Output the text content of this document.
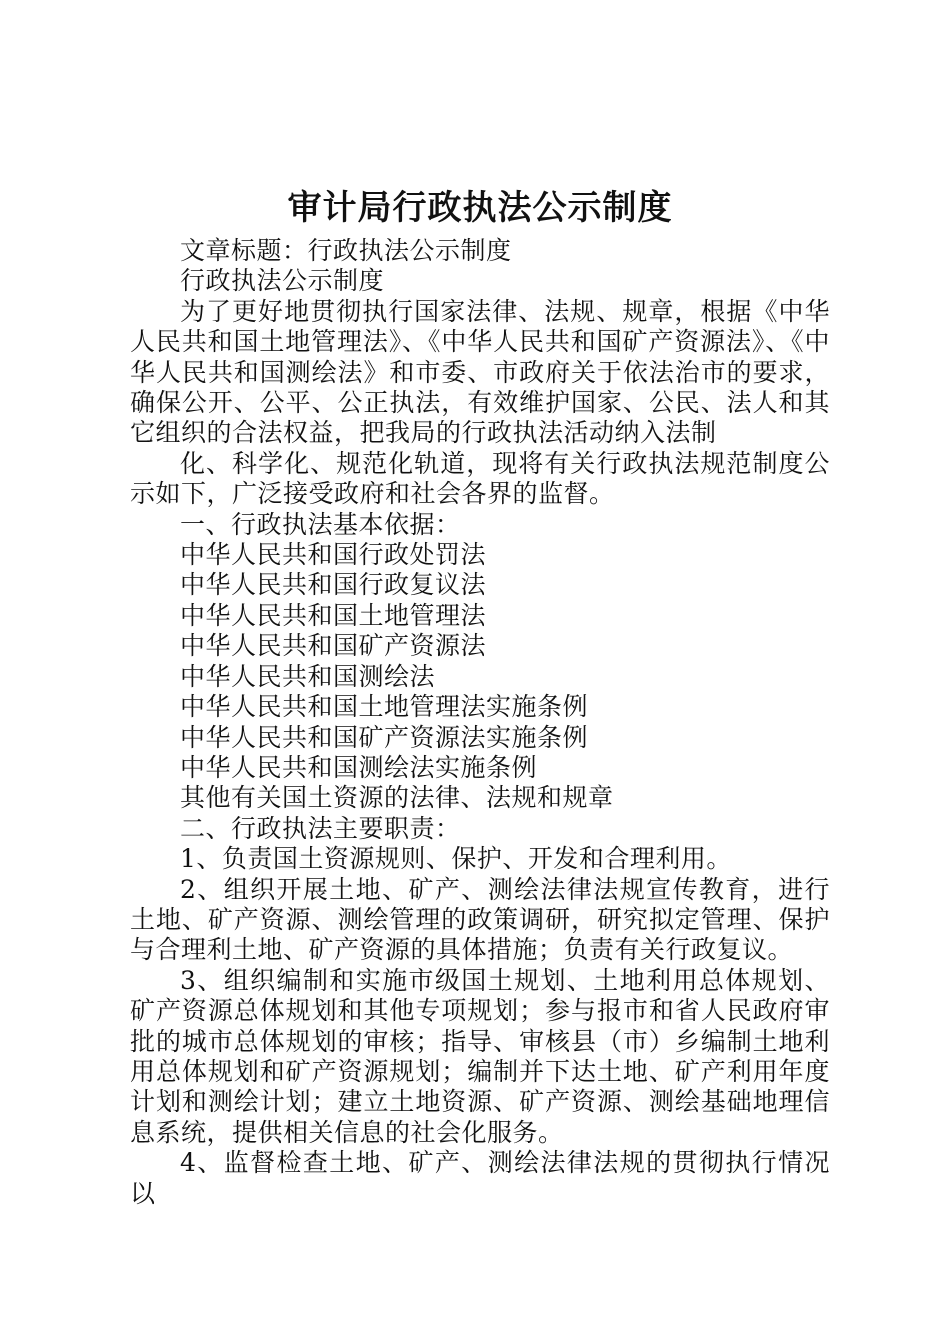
审计局行政执法公示制度

文章标题：行政执法公示制度

行政执法公示制度

为了更好地贯彻执行国家法律、法规、规章，根据《中华人民共和国土地管理法》、《中华人民共和国矿产资源法》、《中华人民共和国测绘法》和市委、市政府关于依法治市的要求，确保公开、公平、公正执法，有效维护国家、公民、法人和其它组织的合法权益，把我局的行政执法活动纳入法制

化、科学化、规范化轨道，现将有关行政执法规范制度公示如下，广泛接受政府和社会各界的监督。

一、行政执法基本依据：

中华人民共和国行政处罚法

中华人民共和国行政复议法

中华人民共和国土地管理法

中华人民共和国矿产资源法

中华人民共和国测绘法

中华人民共和国土地管理法实施条例

中华人民共和国矿产资源法实施条例

中华人民共和国测绘法实施条例

其他有关国土资源的法律、法规和规章

二、行政执法主要职责：

1、负责国土资源规则、保护、开发和合理利用。

2、组织开展土地、矿产、测绘法律法规宣传教育，进行土地、矿产资源、测绘管理的政策调研，研究拟定管理、保护与合理利土地、矿产资源的具体措施；负责有关行政复议。

3、组织编制和实施市级国土规划、土地利用总体规划、矿产资源总体规划和其他专项规划；参与报市和省人民政府审批的城市总体规划的审核；指导、审核县（市）乡编制土地利用总体规划和矿产资源规划；编制并下达土地、矿产利用年度计划和测绘计划；建立土地资源、矿产资源、测绘基础地理信息系统，提供相关信息的社会化服务。

4、监督检查土地、矿产、测绘法律法规的贯彻执行情况以
